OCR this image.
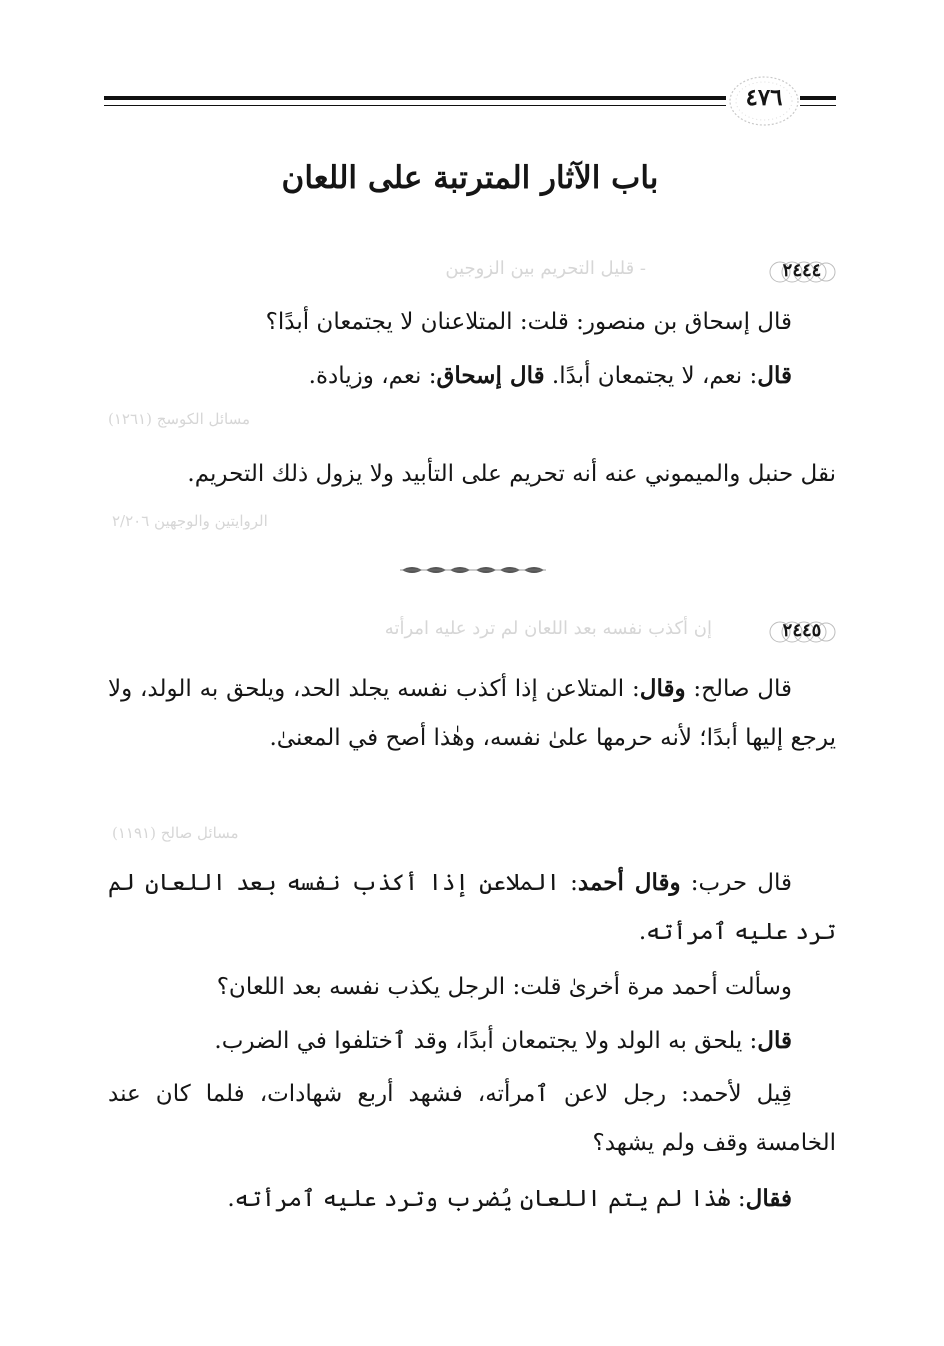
٤٧٦
باب الآثار المترتبة على اللعان
٢٤٤٤
- قليل التحريم بين الزوجين

قال إسحاق بن منصور: قلت: المتلاعنان لا يجتمعان أبدًا؟

قال: نعم، لا يجتمعان أبدًا. قال إسحاق: نعم، وزيادة.

مسائل الكوسج (١٢٦١)

نقل حنبل والميموني عنه أنه تحريم على التأبيد ولا يزول ذلك التحريم.

الروايتين والوجهين ٢/٢٠٦
٢٤٤٥
إن أكذب نفسه بعد اللعان لم ترد عليه امرأته

قال صالح: وقال: المتلاعن إذا أكذب نفسه يجلد الحد، ويلحق به الولد، ولا يرجع إليها أبدًا؛ لأنه حرمها علىٰ نفسه، وهٰذا أصح في المعنىٰ.

مسائل صالح (١١٩١)

قال حرب: وقال أحمد: الملاعن إذا أكذب نفسه بعد اللعان لم ترد عليه ٱمرأته.

وسألت أحمد مرة أخرىٰ قلت: الرجل يكذب نفسه بعد اللعان؟

قال: يلحق به الولد ولا يجتمعان أبدًا، وقد ٱختلفوا في الضرب.

قِيل لأحمد: رجل لاعن ٱمرأته، فشهد أربع شهادات، فلما كان عند الخامسة وقف ولم يشهد؟

فقال: هٰذا لم يتم اللعان يُضرب وترد عليه ٱمرأته.
